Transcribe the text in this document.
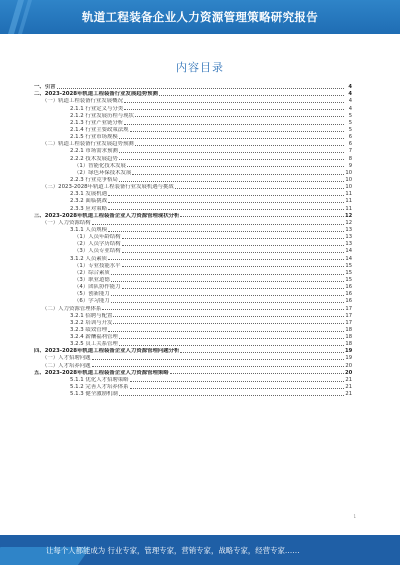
轨道工程装备企业人力资源管理策略研究报告
内容目录
一、引言	4
二、2023-2028年轨道工程装备行业发展趋势预测	4
（一）轨道工程装备行业发展概况	4
2.1.1 行业定义与分类	4
2.1.2 行业发展历程与现状	5
2.1.3 行业产业链分析	5
2.1.4 行业主要政策法规	5
2.1.5 行业市场规模	6
（二）轨道工程装备行业发展趋势预测	6
2.2.1 市场需求预测	7
2.2.2 技术发展趋势	8
（1）智能化技术发展	9
（2）绿色环保技术发展	10
2.2.3 行业竞争格局	10
（三）2023-2028年轨道工程装备行业发展机遇与挑战	10
2.3.1 发展机遇	11
2.3.2 面临挑战	11
2.3.3 应对策略	11
三、2023-2028年轨道工程装备企业人力资源管理现状分析	12
（一）人力资源结构	12
3.1.1 人员规模	13
（1）人员年龄结构	13
（2）人员学历结构	13
（3）人员专业结构	14
3.1.2 人员素质	14
（1）专业技能水平	15
（2）综合素质	15
（3）职业道德	15
（4）团队协作能力	16
（5）创新能力	16
（6）学习能力	16
（二）人力资源管理体系	17
3.2.1 招聘与配置	17
3.2.2 培训与开发	17
3.2.3 绩效管理	18
3.2.4 薪酬福利管理	18
3.2.5 员工关系管理	18
四、2023-2028年轨道工程装备企业人力资源管理问题分析	19
（一）人才招聘问题	19
（二）人才培养问题	20
五、2023-2028年轨道工程装备企业人力资源管理策略	20
5.1.1 优化人才招聘策略	21
5.1.2 完善人才培养体系	21
5.1.3 健全激励机制	21
1
让每个人都能成为 行业专家，管理专家，营销专家，战略专家，经营专家……
